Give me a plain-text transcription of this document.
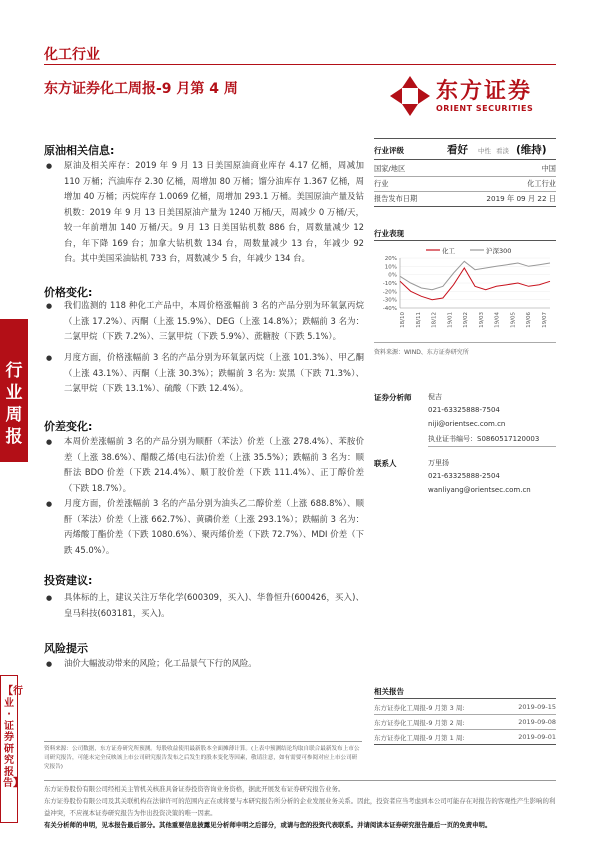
化工行业
东方证券化工周报-9 月第 4 周	东方证券
ORIENT SECURITIES
行业周报
【行业·证券研究报告】
原油相关信息:
● 原油及相关库存：2019 年 9 月 13 日美国原油商业库存 4.17 亿桶，周减加 110 万桶；汽油库存 2.30 亿桶，周增加 80 万桶；馏分油库存 1.367 亿桶，周增加 40 万桶；丙烷库存 1.0069 亿桶，周增加 293.1 万桶。美国原油产量及钻机数：2019 年 9 月 13 日美国原油产量为 1240 万桶/天，周减少 0 万桶/天，较一年前增加 140 万桶/天。9 月 13 日美国钻机数 886 台，周数量减少 12 台，年下降 169 台；加拿大钻机数 134 台，周数量减少 13 台，年减少 92 台。其中美国采油钻机 733 台，周数减少 5 台，年减少 134 台。
价格变化:
● 我们监测的 118 种化工产品中，本周价格涨幅前 3 名的产品分别为环氧氯丙烷（上涨 17.2%）、丙酮（上涨 15.9%）、DEG（上涨 14.8%）；跌幅前 3 名为：二氯甲烷（下跌 7.2%）、三氯甲烷（下跌 5.9%）、蔗糖胺（下跌 5.1%）。
● 月度方面，价格涨幅前 3 名的产品分别为环氧氯丙烷（上涨 101.3%）、甲乙酮（上涨 43.1%）、丙酮（上涨 30.3%）；跌幅前 3 名为: 炭黑（下跌 71.3%）、二氯甲烷（下跌 13.1%）、硫酸（下跌 12.4%）。
价差变化:
● 本周价差涨幅前 3 名的产品分别为顺酐（苯法）价差（上涨 278.4%）、苯胺价差（上涨 38.6%）、醋酸乙烯(电石法)价差（上涨 35.5%）；跌幅前 3 名为：顺酐法 BDO 价差（下跌 214.4%）、顺丁胶价差（下跌 111.4%）、正丁醇价差（下跌 18.7%）。
● 月度方面，价差涨幅前 3 名的产品分别为油头乙二醇价差（上涨 688.8%）、顺酐（苯法）价差（上涨 662.7%）、黄磷价差（上涨 293.1%）；跌幅前 3 名为：丙烯酸丁酯价差（下跌 1080.6%）、聚丙烯价差（下跌 72.7%）、MDI 价差（下跌 45.0%）。
投资建议:
● 具体标的上，建议关注万华化学(600309，买入)、华鲁恒升(600426，买入)、皇马科技(603181，买入)。
风险提示
● 油价大幅波动带来的风险；化工品景气下行的风险。
行业评级	看好 中性 看淡 (维持)
国家/地区	中国
行业	化工行业
报告发布日期	2019 年 09 月 22 日
行业表现
化工	沪深300
20%
10%
0%
-10%
-20%
-30%
-40%
18/10 18/11 18/12 19/01 19/02 19/03 19/04 19/05 19/06 19/07
资料来源：WIND、东方证券研究所
证券分析师 倪吉
021-63325888-7504
niji@orientsec.com.cn
执业证书编号：S0860517120003
联系人	万里扬
021-63325888-2504
wanliyang@orientsec.com.cn
相关报告
东方证券化工周报-9 月第 3 周:	2019-09-15
东方证券化工周报-9 月第 2 周:	2019-09-08
东方证券化工周报-9 月第 1 周:	2019-09-01
资料来源：公司数据，东方证券研究所预测。每股收益使用最新股本全面摊薄计算。(上表中预测结论均取自联合最新发布上市公司研究报告，可能未完全反映该上市公司研究报告发布之后发生的股本变化等因素，敬请注意，如有需要可参阅对应上市公司研究报告)
东方证券股份有限公司经相关主管机关核准具备证券投资咨询业务资格，据此开展发布证券研究报告业务。
东方证券股份有限公司及其关联机构在法律许可的范围内正在或将要与本研究报告所分析的企业发展业务关系。因此，投资者应当考虑到本公司可能存在对报告的客观性产生影响的利益冲突，不应视本证券研究报告为作出投资决策的唯一因素。
有关分析师的申明，见本报告最后部分。其他重要信息披露见分析师申明之后部分，或请与您的投资代表联系。并请阅读本证券研究报告最后一页的免责申明。
